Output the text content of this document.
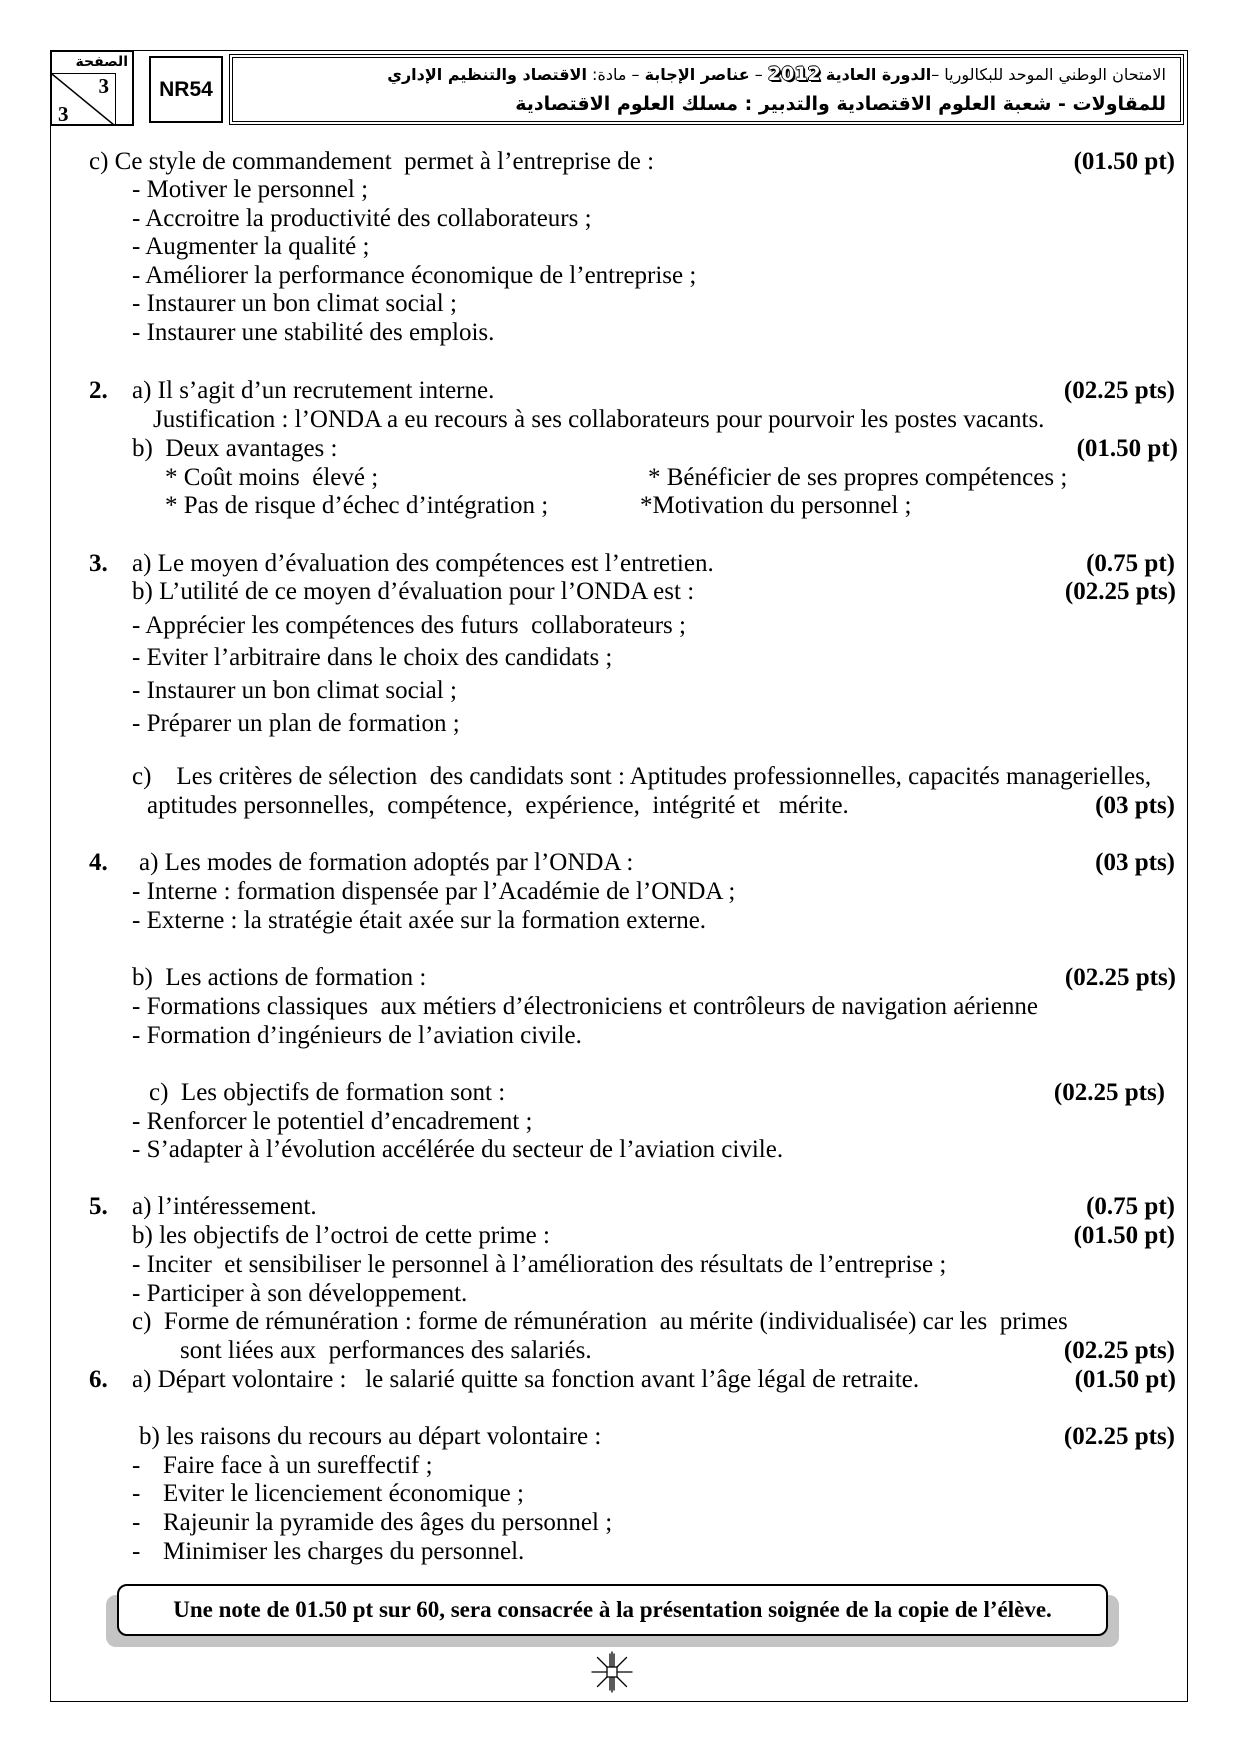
الصفحة
3
3
NR54
الامتحان الوطني الموحد للبكالوريا –الدورة العادية 2012 – عناصر الإجابة – مادة: الاقتصاد والتنظيم الإداري
للمقاولات - شعبة العلوم الاقتصادية والتدبير : مسلك العلوم الاقتصادية
c) Ce style de commandement  permet à l’entreprise de :	(01.50 pt)
- Motiver le personnel ;
- Accroitre la productivité des collaborateurs ;
- Augmenter la qualité ;
- Améliorer la performance économique de l’entreprise ;
- Instaurer un bon climat social ;
- Instaurer une stabilité des emplois.
2. a) Il s’agit d’un recrutement interne.	(02.25 pts)
Justification : l’ONDA a eu recours à ses collaborateurs pour pourvoir les postes vacants.
b)  Deux avantages :	(01.50 pt)
* Coût moins  élevé ;	* Bénéficier de ses propres compétences ;
* Pas de risque d’échec d’intégration ;	*Motivation du personnel ;
3. a) Le moyen d’évaluation des compétences est l’entretien.	(0.75 pt)
b) L’utilité de ce moyen d’évaluation pour l’ONDA est :	(02.25 pts)
- Apprécier les compétences des futurs  collaborateurs ;
- Eviter l’arbitraire dans le choix des candidats ;
- Instaurer un bon climat social ;
- Préparer un plan de formation ;
c)    Les critères de sélection  des candidats sont : Aptitudes professionnelles, capacités managerielles,
aptitudes personnelles,  compétence,  expérience,  intégrité et   mérite.	(03 pts)
4. a) Les modes de formation adoptés par l’ONDA :	(03 pts)
- Interne : formation dispensée par l’Académie de l’ONDA ;
- Externe : la stratégie était axée sur la formation externe.
b)  Les actions de formation :	(02.25 pts)
- Formations classiques  aux métiers d’électroniciens et contrôleurs de navigation aérienne
- Formation d’ingénieurs de l’aviation civile.
c)  Les objectifs de formation sont :	(02.25 pts)
- Renforcer le potentiel d’encadrement ;
- S’adapter à l’évolution accélérée du secteur de l’aviation civile.
5. a) l’intéressement.	(0.75 pt)
b) les objectifs de l’octroi de cette prime :	(01.50 pt)
- Inciter  et sensibiliser le personnel à l’amélioration des résultats de l’entreprise ;
- Participer à son développement.
c)  Forme de rémunération : forme de rémunération  au mérite (individualisée) car les  primes
sont liées aux  performances des salariés.	(02.25 pts)
6. a) Départ volontaire :   le salarié quitte sa fonction avant l’âge légal de retraite.	(01.50 pt)
b) les raisons du recours au départ volontaire :	(02.25 pts)
- Faire face à un sureffectif ;
- Eviter le licenciement économique ;
- Rajeunir la pyramide des âges du personnel ;
- Minimiser les charges du personnel.
Une note de 01.50 pt sur 60, sera consacrée à la présentation soignée de la copie de l’élève.
